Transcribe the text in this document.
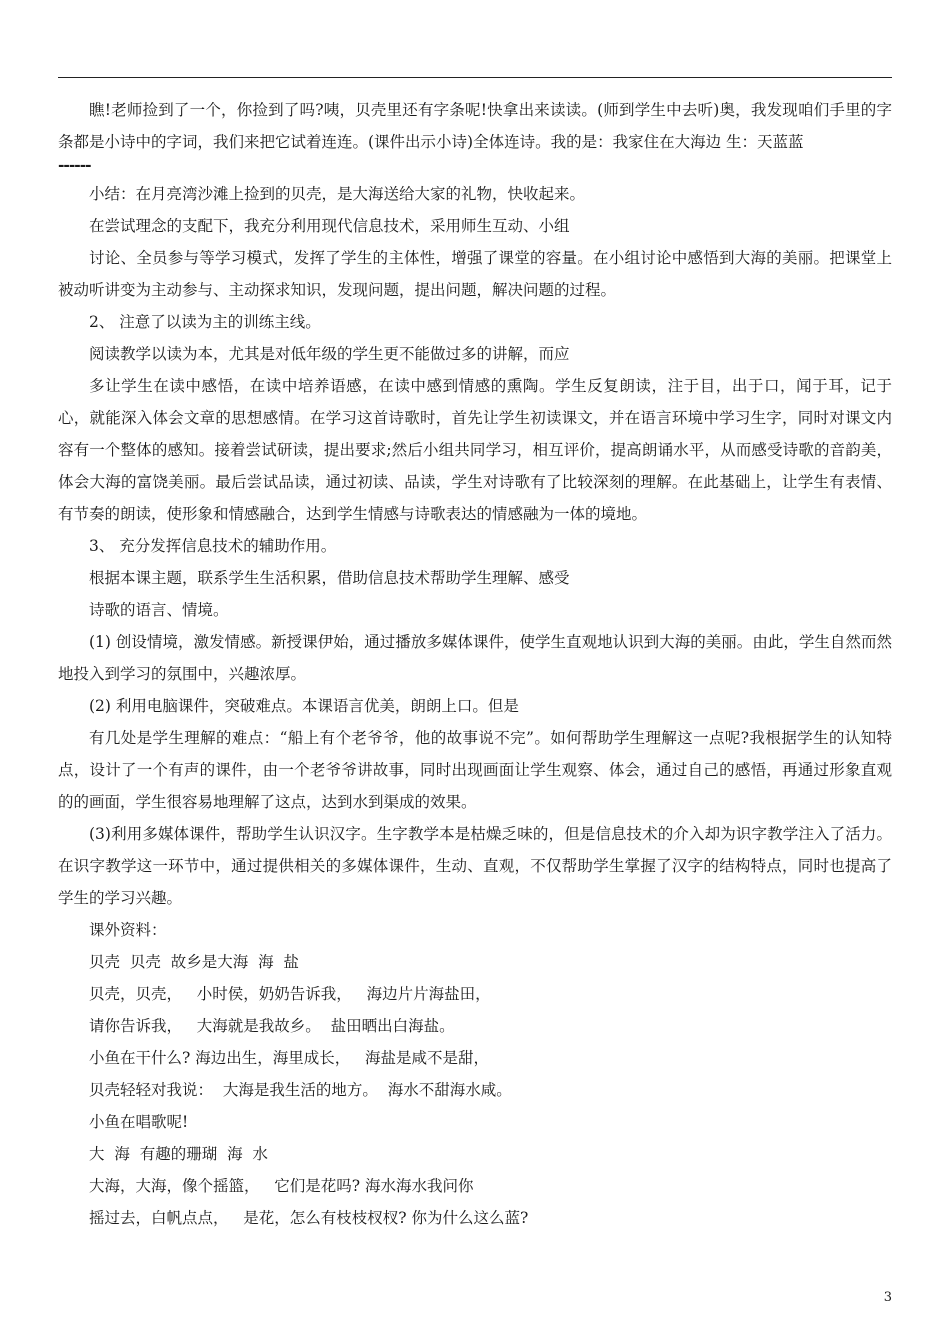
瞧!老师捡到了一个，你捡到了吗?咦，贝壳里还有字条呢!快拿出来读读。(师到学生中去听)奥，我发现咱们手里的字条都是小诗中的字词，我们来把它试着连连。(课件出示小诗)全体连诗。我的是：我家住在大海边 生：天蓝蓝

------

小结：在月亮湾沙滩上捡到的贝壳，是大海送给大家的礼物，快收起来。

在尝试理念的支配下，我充分利用现代信息技术，采用师生互动、小组

讨论、全员参与等学习模式，发挥了学生的主体性，增强了课堂的容量。在小组讨论中感悟到大海的美丽。把课堂上被动听讲变为主动参与、主动探求知识，发现问题，提出问题，解决问题的过程。

2、 注意了以读为主的训练主线。

阅读教学以读为本，尤其是对低年级的学生更不能做过多的讲解，而应

多让学生在读中感悟，在读中培养语感，在读中感到情感的熏陶。学生反复朗读，注于目，出于口，闻于耳，记于心，就能深入体会文章的思想感情。在学习这首诗歌时，首先让学生初读课文，并在语言环境中学习生字，同时对课文内容有一个整体的感知。接着尝试研读，提出要求;然后小组共同学习，相互评价，提高朗诵水平，从而感受诗歌的音韵美，体会大海的富饶美丽。最后尝试品读，通过初读、品读，学生对诗歌有了比较深刻的理解。在此基础上，让学生有表情、有节奏的朗读，使形象和情感融合，达到学生情感与诗歌表达的情感融为一体的境地。

3、 充分发挥信息技术的辅助作用。

根据本课主题，联系学生生活积累，借助信息技术帮助学生理解、感受

诗歌的语言、情境。

(1) 创设情境，激发情感。新授课伊始，通过播放多媒体课件，使学生直观地认识到大海的美丽。由此，学生自然而然地投入到学习的氛围中，兴趣浓厚。

(2) 利用电脑课件，突破难点。本课语言优美，朗朗上口。但是

有几处是学生理解的难点：“船上有个老爷爷，他的故事说不完”。如何帮助学生理解这一点呢?我根据学生的认知特点，设计了一个有声的课件，由一个老爷爷讲故事，同时出现画面让学生观察、体会，通过自己的感悟，再通过形象直观的的画面，学生很容易地理解了这点，达到水到渠成的效果。

(3)利用多媒体课件，帮助学生认识汉字。生字教学本是枯燥乏味的，但是信息技术的介入却为识字教学注入了活力。在识字教学这一环节中，通过提供相关的多媒体课件，生动、直观，不仅帮助学生掌握了汉字的结构特点，同时也提高了学生的学习兴趣。

课外资料：

贝壳  贝壳  故乡是大海  海  盐

贝壳，贝壳，   小时侯，奶奶告诉我，   海边片片海盐田，

请你告诉我，   大海就是我故乡。  盐田晒出白海盐。

小鱼在干什么? 海边出生，海里成长，   海盐是咸不是甜，

贝壳轻轻对我说：  大海是我生活的地方。  海水不甜海水咸。

小鱼在唱歌呢!

大  海  有趣的珊瑚  海  水

大海，大海，像个摇篮，   它们是花吗? 海水海水我问你

摇过去，白帆点点，   是花，怎么有枝枝杈杈? 你为什么这么蓝?

3
